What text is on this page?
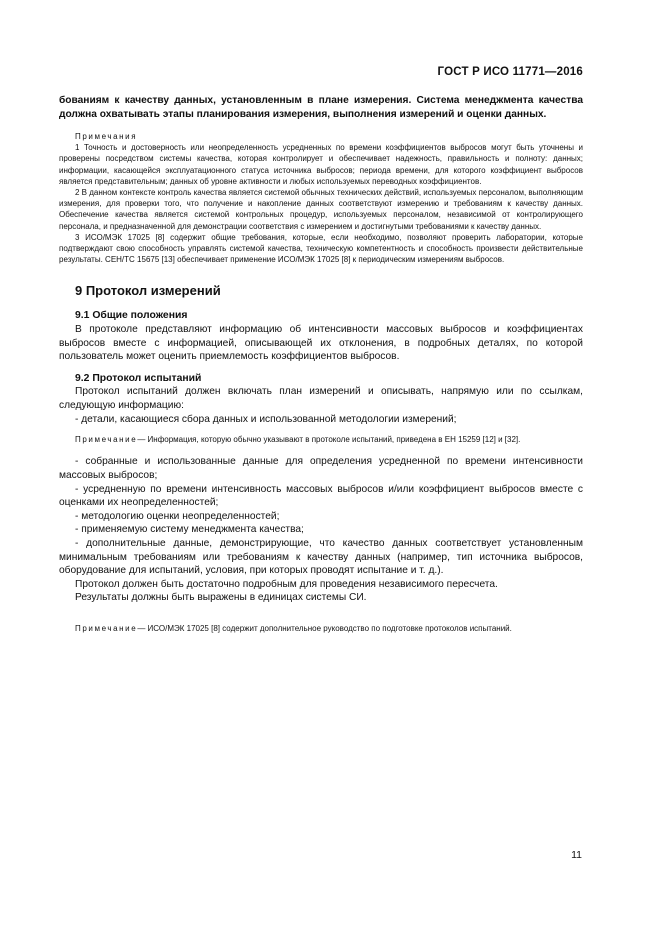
ГОСТ Р ИСО 11771—2016

бованиям к качеству данных, установленным в плане измерения. Система менеджмента качества должна охватывать этапы планирования измерения, выполнения измерений и оценки данных.

Примечания

1 Точность и достоверность или неопределенность усредненных по времени коэффициентов выбросов могут быть уточнены и проверены посредством системы качества, которая контролирует и обеспечивает надежность, правильность и полноту: данных; информации, касающейся эксплуатационного статуса источника выбросов; периода времени, для которого коэффициент выбросов является представительным; данных об уровне активности и любых используемых переводных коэффициентов.

2 В данном контексте контроль качества является системой обычных технических действий, используемых персоналом, выполняющим измерения, для проверки того, что получение и накопление данных соответствуют измерению и требованиям к качеству данных. Обеспечение качества является системой контрольных процедур, используемых персоналом, независимой от контролирующего персонала, и предназначенной для демонстрации соответствия с измерением и достигнутыми требованиями к качеству данных.

3 ИСО/МЭК 17025 [8] содержит общие требования, которые, если необходимо, позволяют проверить лаборатории, которые подтверждают свою способность управлять системой качества, техническую компетентность и способность произвести действительные результаты. СЕН/ТС 15675 [13] обеспечивает применение ИСО/МЭК 17025 [8] к периодическим измерениям выбросов.

9 Протокол измерений

9.1 Общие положения

В протоколе представляют информацию об интенсивности массовых выбросов и коэффициентах выбросов вместе с информацией, описывающей их отклонения, в подробных деталях, по которой пользователь может оценить приемлемость коэффициентов выбросов.

9.2 Протокол испытаний

Протокол испытаний должен включать план измерений и описывать, напрямую или по ссылкам, следующую информацию:

- детали, касающиеся сбора данных и использованной методологии измерений;

Примечание— Информация, которую обычно указывают в протоколе испытаний, приведена в ЕН 15259 [12] и [32].

- собранные и использованные данные для определения усредненной по времени интенсивности массовых выбросов;

- усредненную по времени интенсивность массовых выбросов и/или коэффициент выбросов вместе с оценками их неопределенностей;

- методологию оценки неопределенностей;

- применяемую систему менеджмента качества;

- дополнительные данные, демонстрирующие, что качество данных соответствует установленным минимальным требованиям или требованиям к качеству данных (например, тип источника выбросов, оборудование для испытаний, условия, при которых проводят испытание и т. д.).

Протокол должен быть достаточно подробным для проведения независимого пересчета.

Результаты должны быть выражены в единицах системы СИ.

Примечание— ИСО/МЭК 17025 [8] содержит дополнительное руководство по подготовке протоколов испытаний.

11
